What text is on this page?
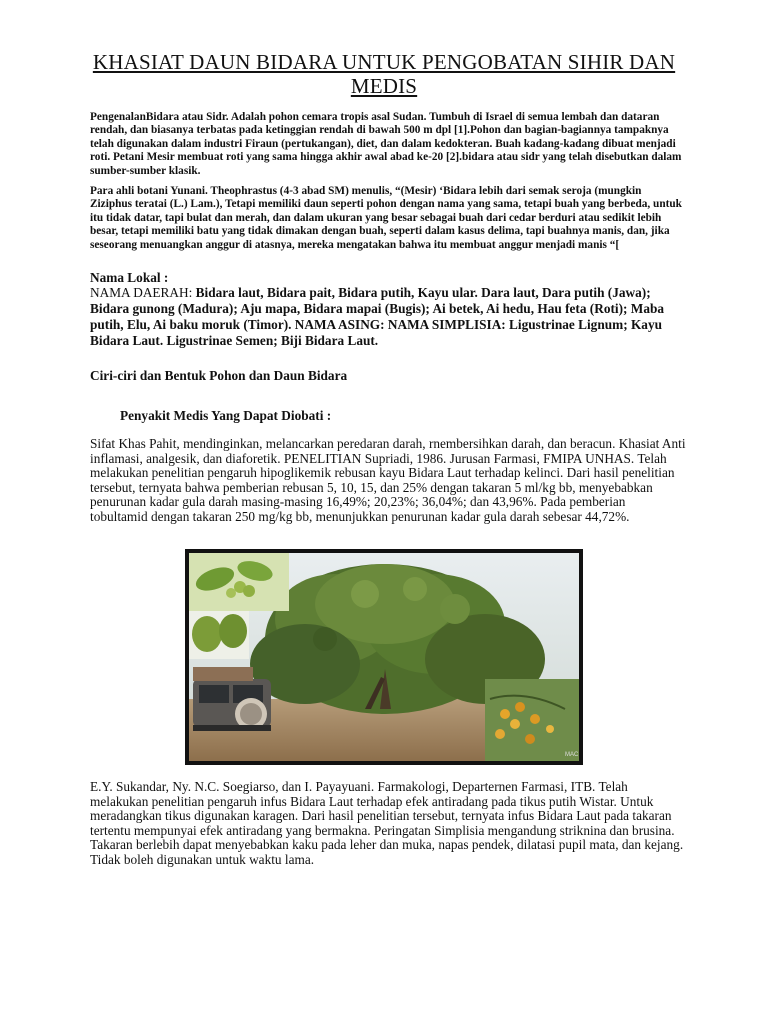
KHASIAT DAUN BIDARA UNTUK PENGOBATAN SIHIR DAN MEDIS
PengenalanBidara atau Sidr. Adalah pohon cemara tropis asal Sudan. Tumbuh di Israel di semua lembah dan dataran rendah, dan biasanya terbatas pada ketinggian rendah di bawah 500 m dpl [1].Pohon dan bagian-bagiannya tampaknya telah digunakan dalam industri Firaun (pertukangan), diet, dan dalam kedokteran. Buah kadang-kadang dibuat menjadi roti. Petani Mesir membuat roti yang sama hingga akhir awal abad ke-20 [2].bidara atau sidr yang telah disebutkan dalam sumber-sumber klasik.
Para ahli botani Yunani. Theophrastus (4-3 abad SM) menulis, “(Mesir) ‘Bidara lebih dari semak seroja (mungkin Ziziphus teratai (L.) Lam.), Tetapi memiliki daun seperti pohon dengan nama yang sama, tetapi buah yang berbeda, untuk itu tidak datar, tapi bulat dan merah, dan dalam ukuran yang besar sebagai buah dari cedar berduri atau sedikit lebih besar, tetapi memiliki batu yang tidak dimakan dengan buah, seperti dalam kasus delima, tapi buahnya manis, dan, jika seseorang menuangkan anggur di atasnya, mereka mengatakan bahwa itu membuat anggur menjadi manis “[
Nama Lokal :
NAMA DAERAH: Bidara laut, Bidara pait, Bidara putih, Kayu ular. Dara laut, Dara putih (Jawa); Bidara gunong (Madura); Aju mapa, Bidara mapai (Bugis); Ai betek, Ai hedu, Hau feta (Roti); Maba putih, Elu, Ai baku moruk (Timor). NAMA ASING: NAMA SIMPLISIA: Ligustrinae Lignum; Kayu Bidara Laut. Ligustrinae Semen; Biji Bidara Laut.
Ciri-ciri dan Bentuk Pohon dan Daun Bidara
Penyakit Medis Yang Dapat Diobati :
Sifat Khas Pahit, mendinginkan, melancarkan peredaran darah, rnembersihkan darah, dan beracun. Khasiat Anti inflamasi, analgesik, dan diaforetik. PENELITIAN Supriadi, 1986. Jurusan Farmasi, FMIPA UNHAS. Telah melakukan penelitian pengaruh hipoglikemik rebusan kayu Bidara Laut terhadap kelinci. Dari hasil penelitian tersebut, ternyata bahwa pemberian rebusan 5, 10, 15, dan 25% dengan takaran 5 ml/kg bb, menyebabkan penurunan kadar gula darah masing-masing 16,49%; 20,23%; 36,04%; dan 43,96%. Pada pemberian tobultamid dengan takaran 250 mg/kg bb, menunjukkan penurunan kadar gula darah sebesar 44,72%.
MAC
E.Y. Sukandar, Ny. N.C. Soegiarso, dan I. Payayuani. Farmakologi, Departernen Farmasi, ITB. Telah melakukan penelitian pengaruh infus Bidara Laut terhadap efek antiradang pada tikus putih Wistar. Untuk meradangkan tikus digunakan karagen. Dari hasil penelitian tersebut, ternyata infus Bidara Laut pada takaran tertentu mempunyai efek antiradang yang bermakna. Peringatan Simplisia mengandung striknina dan brusina. Takaran berlebih dapat menyebabkan kaku pada leher dan muka, napas pendek, dilatasi pupil mata, dan kejang. Tidak boleh digunakan untuk waktu lama.
